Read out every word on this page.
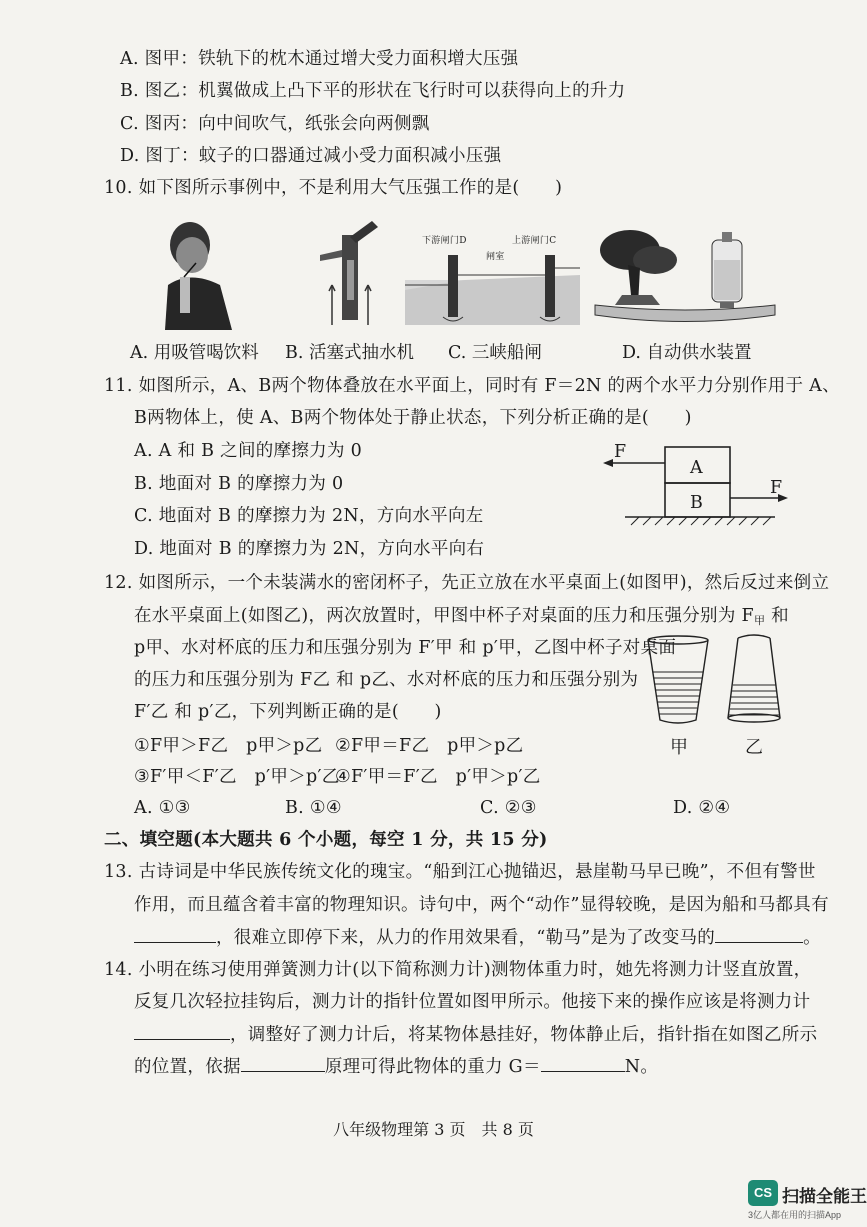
A. 图甲：铁轨下的枕木通过增大受力面积增大压强
B. 图乙：机翼做成上凸下平的形状在飞行时可以获得向上的升力
C. 图丙：向中间吹气，纸张会向两侧飘
D. 图丁：蚊子的口器通过减小受力面积减小压强
10. 如下图所示事例中，不是利用大气压强工作的是(　　)
下游闸门D
闸室
上游闸门C
A. 用吸管喝饮料 B. 活塞式抽水机 C. 三峡船闸	D. 自动供水装置
11. 如图所示，A、B两个物体叠放在水平面上，同时有 F＝2N 的两个水平力分别作用于 A、
B两物体上，使 A、B两个物体处于静止状态，下列分析正确的是(　　)
A. A 和 B 之间的摩擦力为 0
B. 地面对 B 的摩擦力为 0
C. 地面对 B 的摩擦力为 2N，方向水平向左
D. 地面对 B 的摩擦力为 2N，方向水平向右
F
F
A
B
12. 如图所示，一个未装满水的密闭杯子，先正立放在水平桌面上(如图甲)，然后反过来倒立
在水平桌面上(如图乙)，两次放置时，甲图中杯子对桌面的压力和压强分别为 $F_甲$ 和
p甲、水对杯底的压力和压强分别为 F′甲 和 p′甲，乙图中杯子对桌面
的压力和压强分别为 F乙 和 p乙、水对杯底的压力和压强分别为
F′乙 和 p′乙，下列判断正确的是(　　)
①F甲＞F乙　p甲＞p乙 ②F甲＝F乙　p甲＞p乙
③F′甲＜F′乙　p′甲＞p′乙
④F′甲＝F′乙　p′甲＞p′乙
A. ①③	B. ①④	C. ②③	D. ②④
甲	乙
二、填空题(本大题共 6 个小题，每空 1 分，共 15 分)
13. 古诗词是中华民族传统文化的瑰宝。“船到江心抛锚迟，悬崖勒马早已晚”，不但有警世
作用，而且蕴含着丰富的物理知识。诗句中，两个“动作”显得较晚，是因为船和马都具有
，很难立即停下来，从力的作用效果看，“勒马”是为了改变马的	。
14. 小明在练习使用弹簧测力计(以下简称测力计)测物体重力时，她先将测力计竖直放置，
反复几次轻拉挂钩后，测力计的指针位置如图甲所示。他接下来的操作应该是将测力计
，调整好了测力计后，将某物体悬挂好，物体静止后，指针指在如图乙所示
的位置，依据	原理可得此物体的重力 G＝	N。
八年级物理第 3 页　共 8 页
CS 扫描全能王
3亿人都在用的扫描App
